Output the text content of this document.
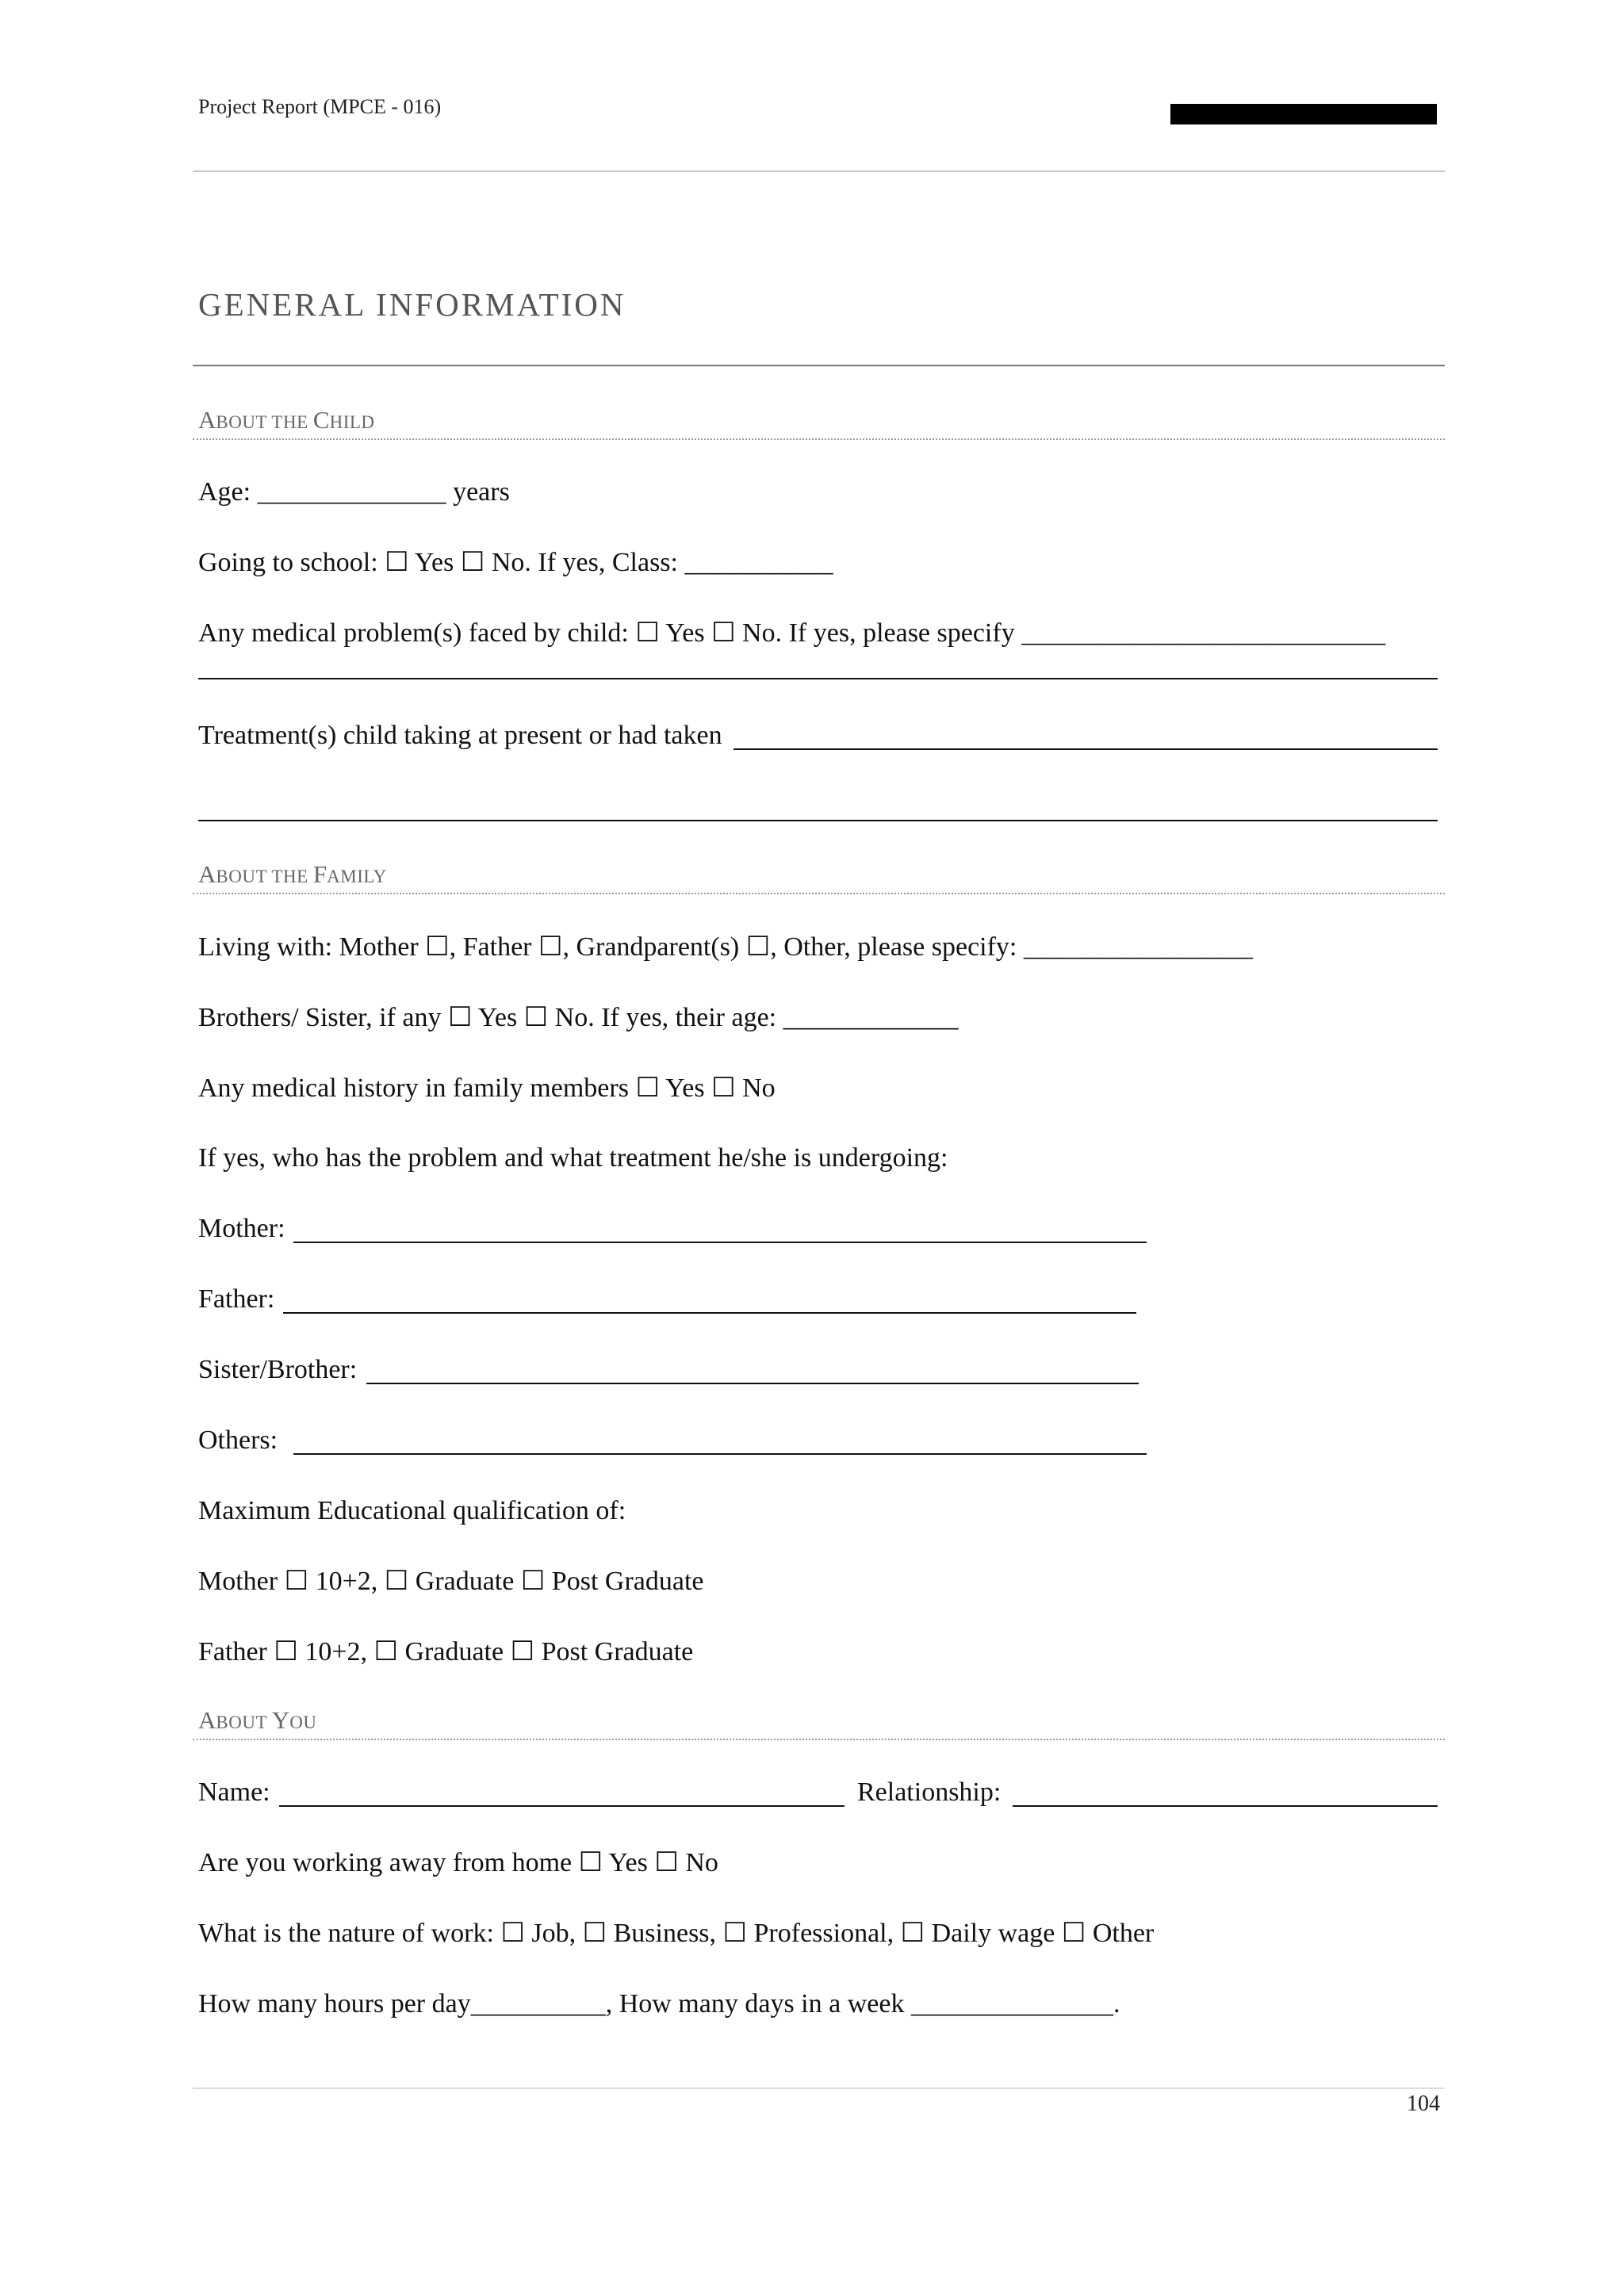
Project Report (MPCE - 016)
GENERAL INFORMATION
ABOUT THE CHILD
Age: ______________ years
Going to school: ☐ Yes ☐ No. If yes, Class: ___________
Any medical problem(s) faced by child: ☐ Yes ☐ No. If yes, please specify ___________________________
Treatment(s) child taking at present or had taken
ABOUT THE FAMILY
Living with: Mother ☐, Father ☐, Grandparent(s) ☐, Other, please specify: _________________
Brothers/ Sister, if any ☐ Yes ☐ No. If yes, their age: _____________
Any medical history in family members ☐ Yes ☐ No
If yes, who has the problem and what treatment he/she is undergoing:
Mother:
Father:
Sister/Brother:
Others:
Maximum Educational qualification of:
Mother ☐ 10+2, ☐ Graduate ☐ Post Graduate
Father ☐ 10+2, ☐ Graduate ☐ Post Graduate
ABOUT YOU
Name:	Relationship:
Are you working away from home ☐ Yes ☐ No
What is the nature of work: ☐ Job, ☐ Business, ☐ Professional, ☐ Daily wage ☐ Other
How many hours per day__________, How many days in a week _______________.
104
